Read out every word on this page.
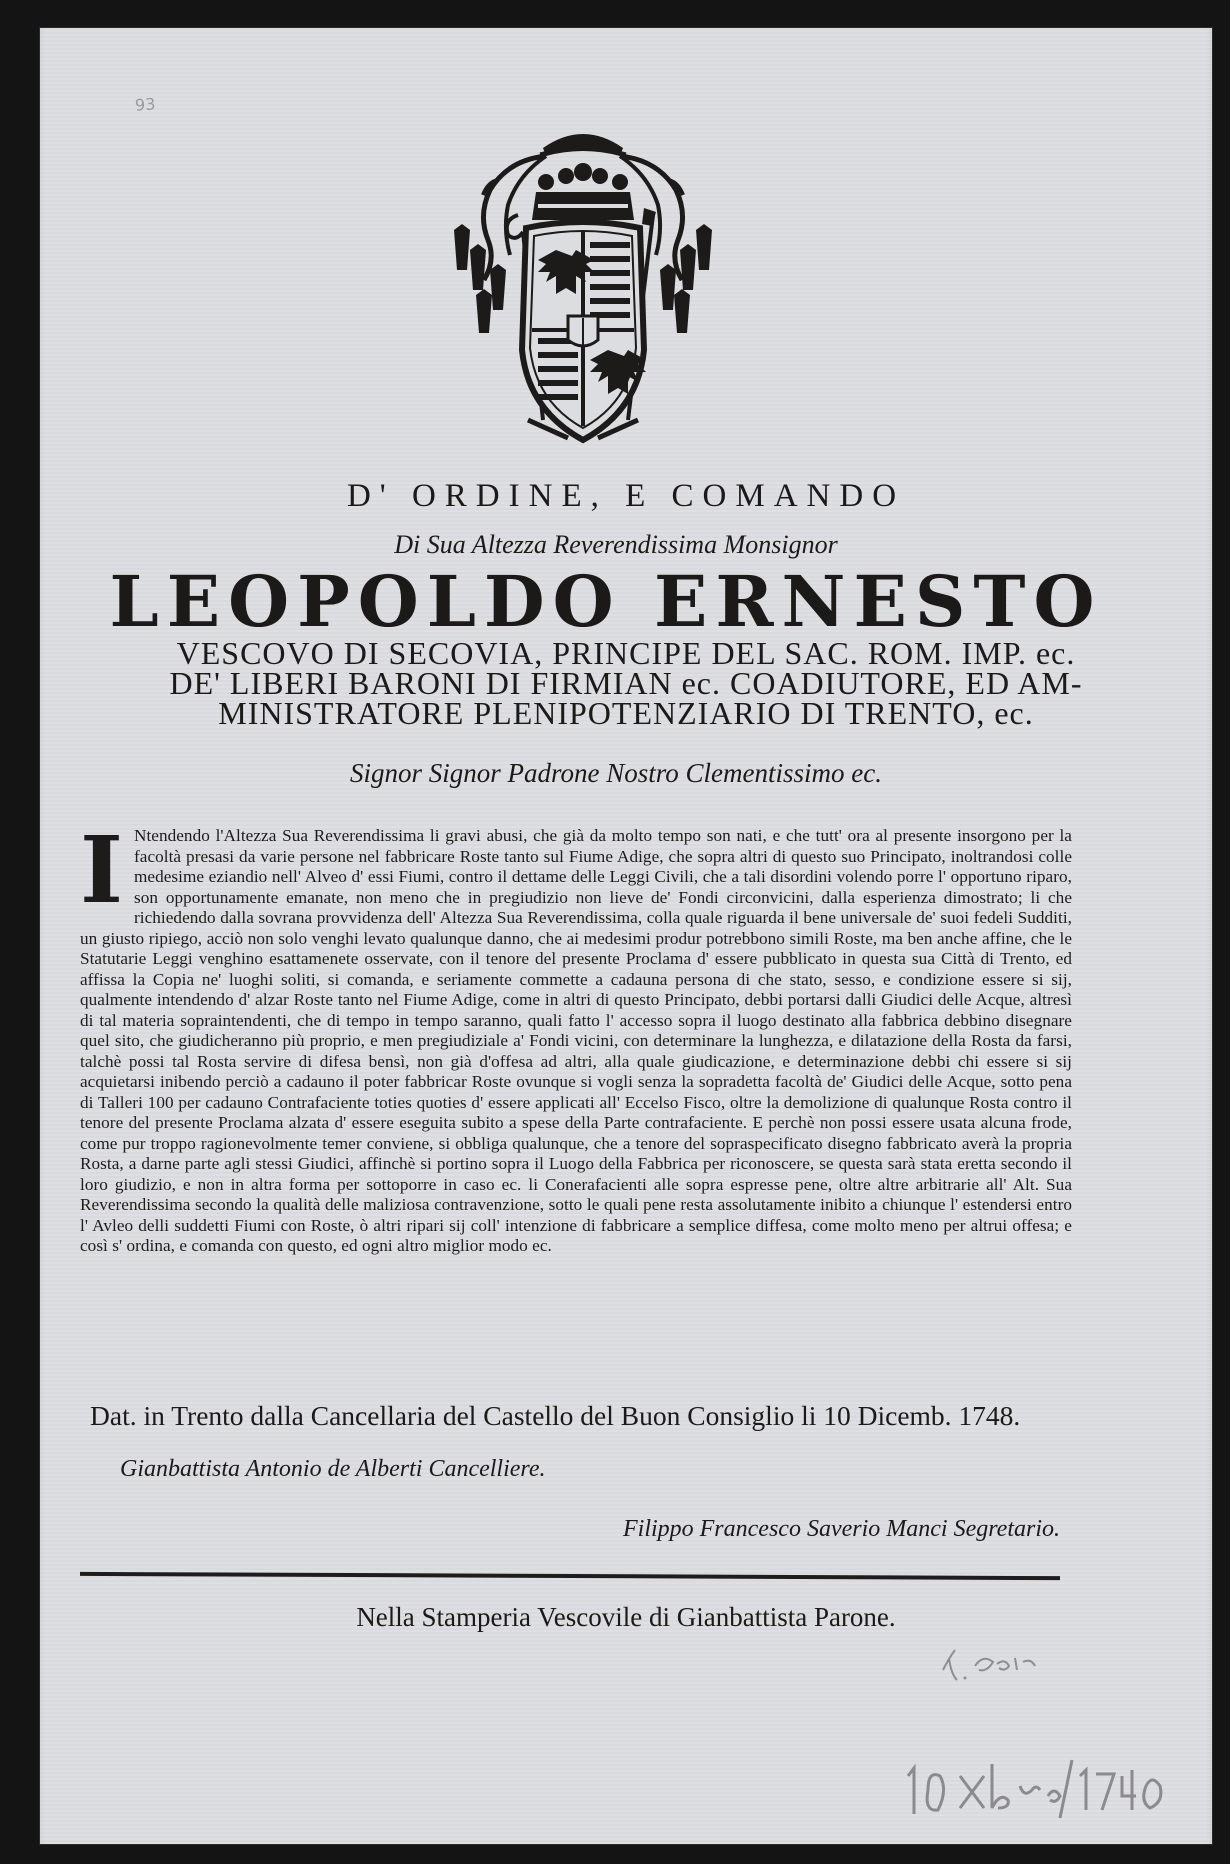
93
D' ORDINE, E COMANDO
Di Sua Altezza Reverendissima Monsignor
LEOPOLDO ERNESTO
VESCOVO DI SECOVIA, PRINCIPE DEL SAC. ROM. IMP. ec.
DE' LIBERI BARONI DI FIRMIAN ec. COADIUTORE, ED AM-
MINISTRATORE PLENIPOTENZIARIO DI TRENTO, ec.
Signor Signor Padrone Nostro Clementissimo ec.
I Ntendendo l'Altezza Sua Reverendissima li gravi abusi, che già da molto tempo son nati, e che tutt' ora al presente insorgono per la facoltà presasi da varie persone nel fabbricare Roste tanto sul Fiume Adige, che sopra altri di questo suo Principato, inoltrandosi colle medesime eziandio nell' Alveo d' essi Fiumi, contro il dettame delle Leggi Civili, che a tali disordini volendo porre l' opportuno riparo, son opportunamente emanate, non meno che in pregiudizio non lieve de' Fondi circonvicini, dalla esperienza dimostrato; li che richiedendo dalla sovrana provvidenza dell' Altezza Sua Reverendissima, colla quale riguarda il bene universale de' suoi fedeli Sudditi, un giusto ripiego, acciò non solo venghi levato qualunque danno, che ai medesimi produr potrebbono simili Roste, ma ben anche affine, che le Statutarie Leggi venghino esattamenete osservate, con il tenore del presente Proclama d' essere pubblicato in questa sua Città di Trento, ed affissa la Copia ne' luoghi soliti, si comanda, e seriamente commette a cadauna persona di che stato, sesso, e condizione essere si sij, qualmente intendendo d' alzar Roste tanto nel Fiume Adige, come in altri di questo Principato, debbi portarsi dalli Giudici delle Acque, altresì di tal materia sopraintendenti, che di tempo in tempo saranno, quali fatto l' accesso sopra il luogo destinato alla fabbrica debbino disegnare quel sito, che giudicheranno più proprio, e men pregiudiziale a' Fondi vicini, con determinare la lunghezza, e dilatazione della Rosta da farsi, talchè possi tal Rosta servire di difesa bensì, non già d'offesa ad altri, alla quale giudicazione, e determinazione debbi chi essere si sij acquietarsi inibendo perciò a cadauno il poter fabbricar Roste ovunque si vogli senza la sopradetta facoltà de' Giudici delle Acque, sotto pena di Talleri 100 per cadauno Contrafaciente toties quoties d' essere applicati all' Eccelso Fisco, oltre la demolizione di qualunque Rosta contro il tenore del presente Proclama alzata d' essere eseguita subito a spese della Parte contrafaciente. E perchè non possi essere usata alcuna frode, come pur troppo ragionevolmente temer conviene, si obbliga qualunque, che a tenore del sopraspecificato disegno fabbricato averà la propria Rosta, a darne parte agli stessi Giudici, affinchè si portino sopra il Luogo della Fabbrica per riconoscere, se questa sarà stata eretta secondo il loro giudizio, e non in altra forma per sottoporre in caso ec. li Conerafacienti alle sopra espresse pene, oltre altre arbitrarie all' Alt. Sua Reverendissima secondo la qualità delle maliziosa contravenzione, sotto le quali pene resta assolutamente inibito a chiunque l' estendersi entro l' Avleo delli suddetti Fiumi con Roste, ò altri ripari sij coll' intenzione di fabbricare a semplice diffesa, come molto meno per altrui offesa; e così s' ordina, e comanda con questo, ed ogni altro miglior modo ec.
Dat. in Trento dalla Cancellaria del Castello del Buon Consiglio li 10 Dicemb. 1748.
Gianbattista Antonio de Alberti Cancelliere.
Filippo Francesco Saverio Manci Segretario.
Nella Stamperia Vescovile di Gianbattista Parone.
